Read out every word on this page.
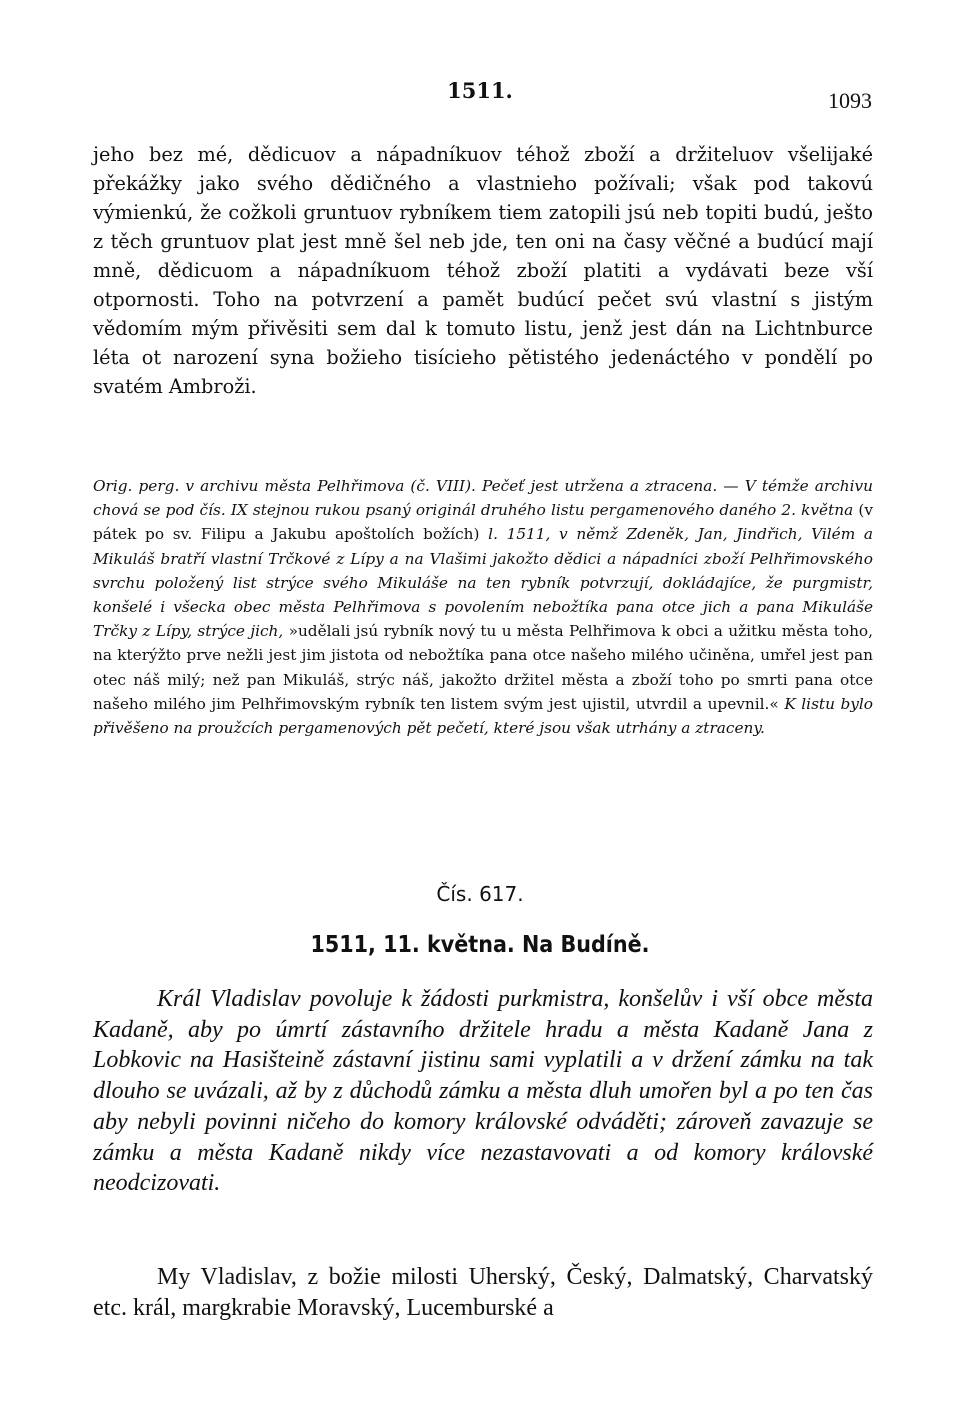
1511.	1093

jeho bez mé, dědicuov a nápadníkuov téhož zboží a držiteluov všelijaké překážky jako svého dědičného a vlastnieho požívali; však pod takovú výmienkú, že cožkoli gruntuov rybníkem tiem zatopili jsú neb topiti budú, ješto z těch gruntuov plat jest mně šel neb jde, ten oni na časy věčné a budúcí mají mně, dědicuom a nápadníkuom téhož zboží platiti a vydávati beze vší otpornosti. Toho na potvrzení a pamět budúcí pečet svú vlastní s jistým vědomím mým přivěsiti sem dal k tomuto listu, jenž jest dán na Lichtnburce léta ot narození syna božieho tisícieho pětistého jedenáctého v pondělí po svatém Ambroži.

Orig. perg. v archivu města Pelhřimova (č. VIII). Pečeť jest utržena a ztracena. — V témže archivu chová se pod čís. IX stejnou rukou psaný originál druhého listu pergamenového daného 2. května (v pátek po sv. Filipu a Jakubu apoštolích božích) l. 1511, v němž Zdeněk, Jan, Jindřich, Vilém a Mikuláš bratří vlastní Trčkové z Lípy a na Vlašimi jakožto dědici a nápadníci zboží Pelhřimovského svrchu položený list strýce svého Mikuláše na ten rybník potvrzují, dokládajíce, že purgmistr, konšelé i všecka obec města Pelhřimova s povolením nebožtíka pana otce jich a pana Mikuláše Trčky z Lípy, strýce jich, »udělali jsú rybník nový tu u města Pelhřimova k obci a užitku města toho, na kterýžto prve nežli jest jim jistota od nebožtíka pana otce našeho milého učiněna, umřel jest pan otec náš milý; než pan Mikuláš, strýc náš, jakožto držitel města a zboží toho po smrti pana otce našeho milého jim Pelhřimovským rybník ten listem svým jest ujistil, utvrdil a upevnil.« K listu bylo přivěšeno na proužcích pergamenových pět pečetí, které jsou však utrhány a ztraceny.

Čís. 617.
1511, 11. května. Na Budíně.

Král Vladislav povoluje k žádosti purkmistra, konšelův i vší obce města Kadaně, aby po úmrtí zástavního držitele hradu a města Kadaně Jana z Lobkovic na Hasišteině zástavní jistinu sami vyplatili a v držení zámku na tak dlouho se uvázali, až by z důchodů zámku a města dluh umořen byl a po ten čas aby nebyli povinni ničeho do komory královské odváděti; zároveň zavazuje se zámku a města Kadaně nikdy více nezastavovati a od komory královské neodcizovati.

My Vladislav, z božie milosti Uherský, Český, Dalmatský, Charvatský etc. král, margkrabie Moravský, Lucemburské a
